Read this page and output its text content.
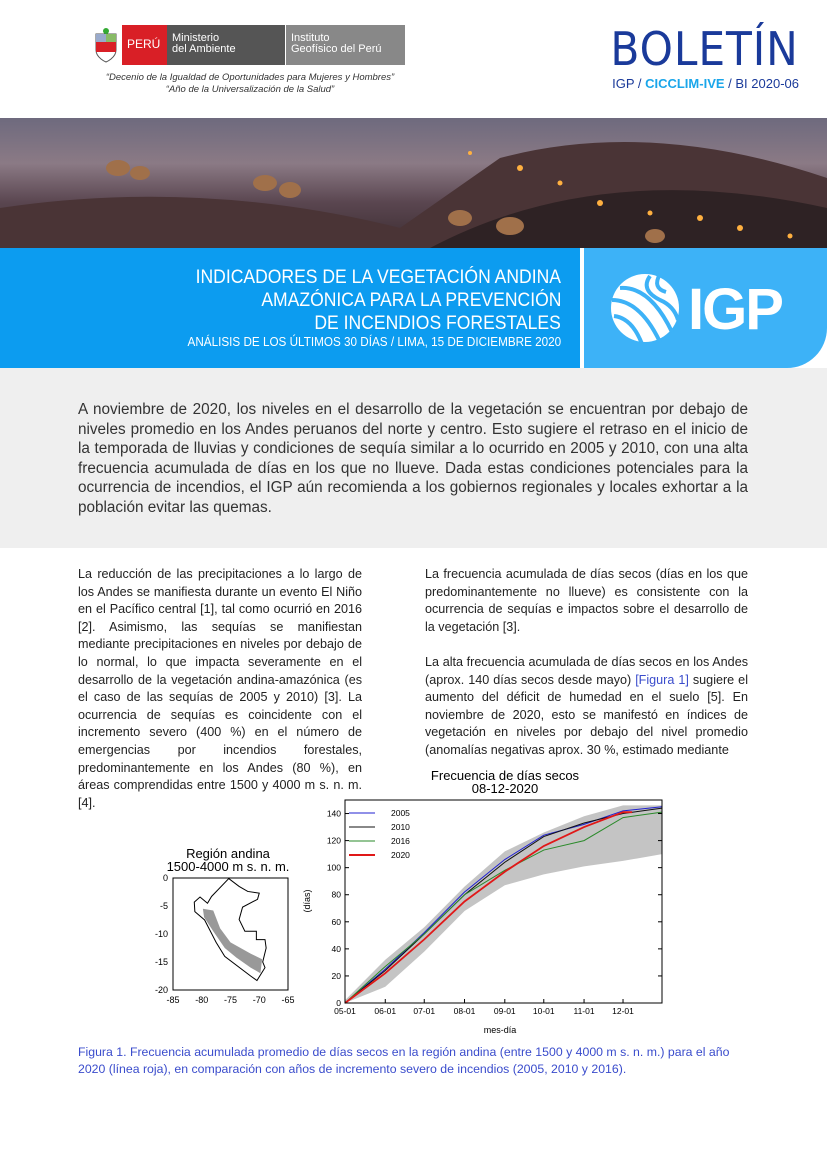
PERÚ	Ministerio
del Ambiente
Instituto
Geofísico del Perú
“Decenio de la Igualdad de Oportunidades para Mujeres y Hombres”
“Año de la Universalización de la Salud”
BOLETÍN
IGP / CICCLIM-IVE / BI 2020-06
INDICADORES DE LA VEGETACIÓN ANDINA
AMAZÓNICA PARA LA PREVENCIÓN
DE INCENDIOS FORESTALES
ANÁLISIS DE LOS ÚLTIMOS 30 DÍAS / LIMA, 15 DE DICIEMBRE 2020 IGP

A noviembre de 2020, los niveles en el desarrollo de la vegetación se encuentran por debajo de niveles promedio en los Andes peruanos del norte y centro. Esto sugiere el retraso en el inicio de la temporada de lluvias y condiciones de sequía similar a lo ocurrido en 2005 y 2010, con una alta frecuencia acumulada de días en los que no llueve. Dada estas condiciones potenciales para la ocurrencia de incendios, el IGP aún recomienda a los gobiernos regionales y locales exhortar a la población evitar las quemas.

La reducción de las precipitaciones a lo largo de los Andes se manifiesta durante un evento El Niño en el Pacífico central [1], tal como ocurrió en 2016 [2]. Asimismo, las sequías se manifiestan mediante precipitaciones en niveles por debajo de lo normal, lo que impacta severamente en el desarrollo de la vegetación andina-amazónica (es el caso de las sequías de 2005 y 2010) [3]. La ocurrencia de sequías es coincidente con el incremento severo (400 %) en el número de emergencias por incendios forestales, predominantemente en los Andes (80 %), en áreas comprendidas entre 1500 y 4000 m s. n. m. [4].

La frecuencia acumulada de días secos (días en los que predominantemente no llueve) es consistente con la ocurrencia de sequías e impactos sobre el desarrollo de la vegetación [3].

La alta frecuencia acumulada de días secos en los Andes (aprox. 140 días secos desde mayo) [Figura 1] sugiere el aumento del déficit de humedad en el suelo [5]. En noviembre de 2020, esto se manifestó en índices de vegetación en niveles por debajo del nivel promedio (anomalías negativas aprox. 30 %, estimado mediante

Región andina
1500-4000 m s. n. m.
-85 -80 -75 -70 -65
0
-5
-10
-15
-20
Frecuencia de días secos
08-12-2020
mes-día
(días)
0
20
40
60
80
100
120
140
05-01 06-01 07-01 08-01 09-01 10-01 11-01 12-01
2005
2010
2016
2020
Figura 1. Frecuencia acumulada promedio de días secos en la región andina (entre 1500 y 4000 m s. n. m.) para el año 2020 (línea roja), en comparación con años de incremento severo de incendios (2005, 2010 y 2016).
